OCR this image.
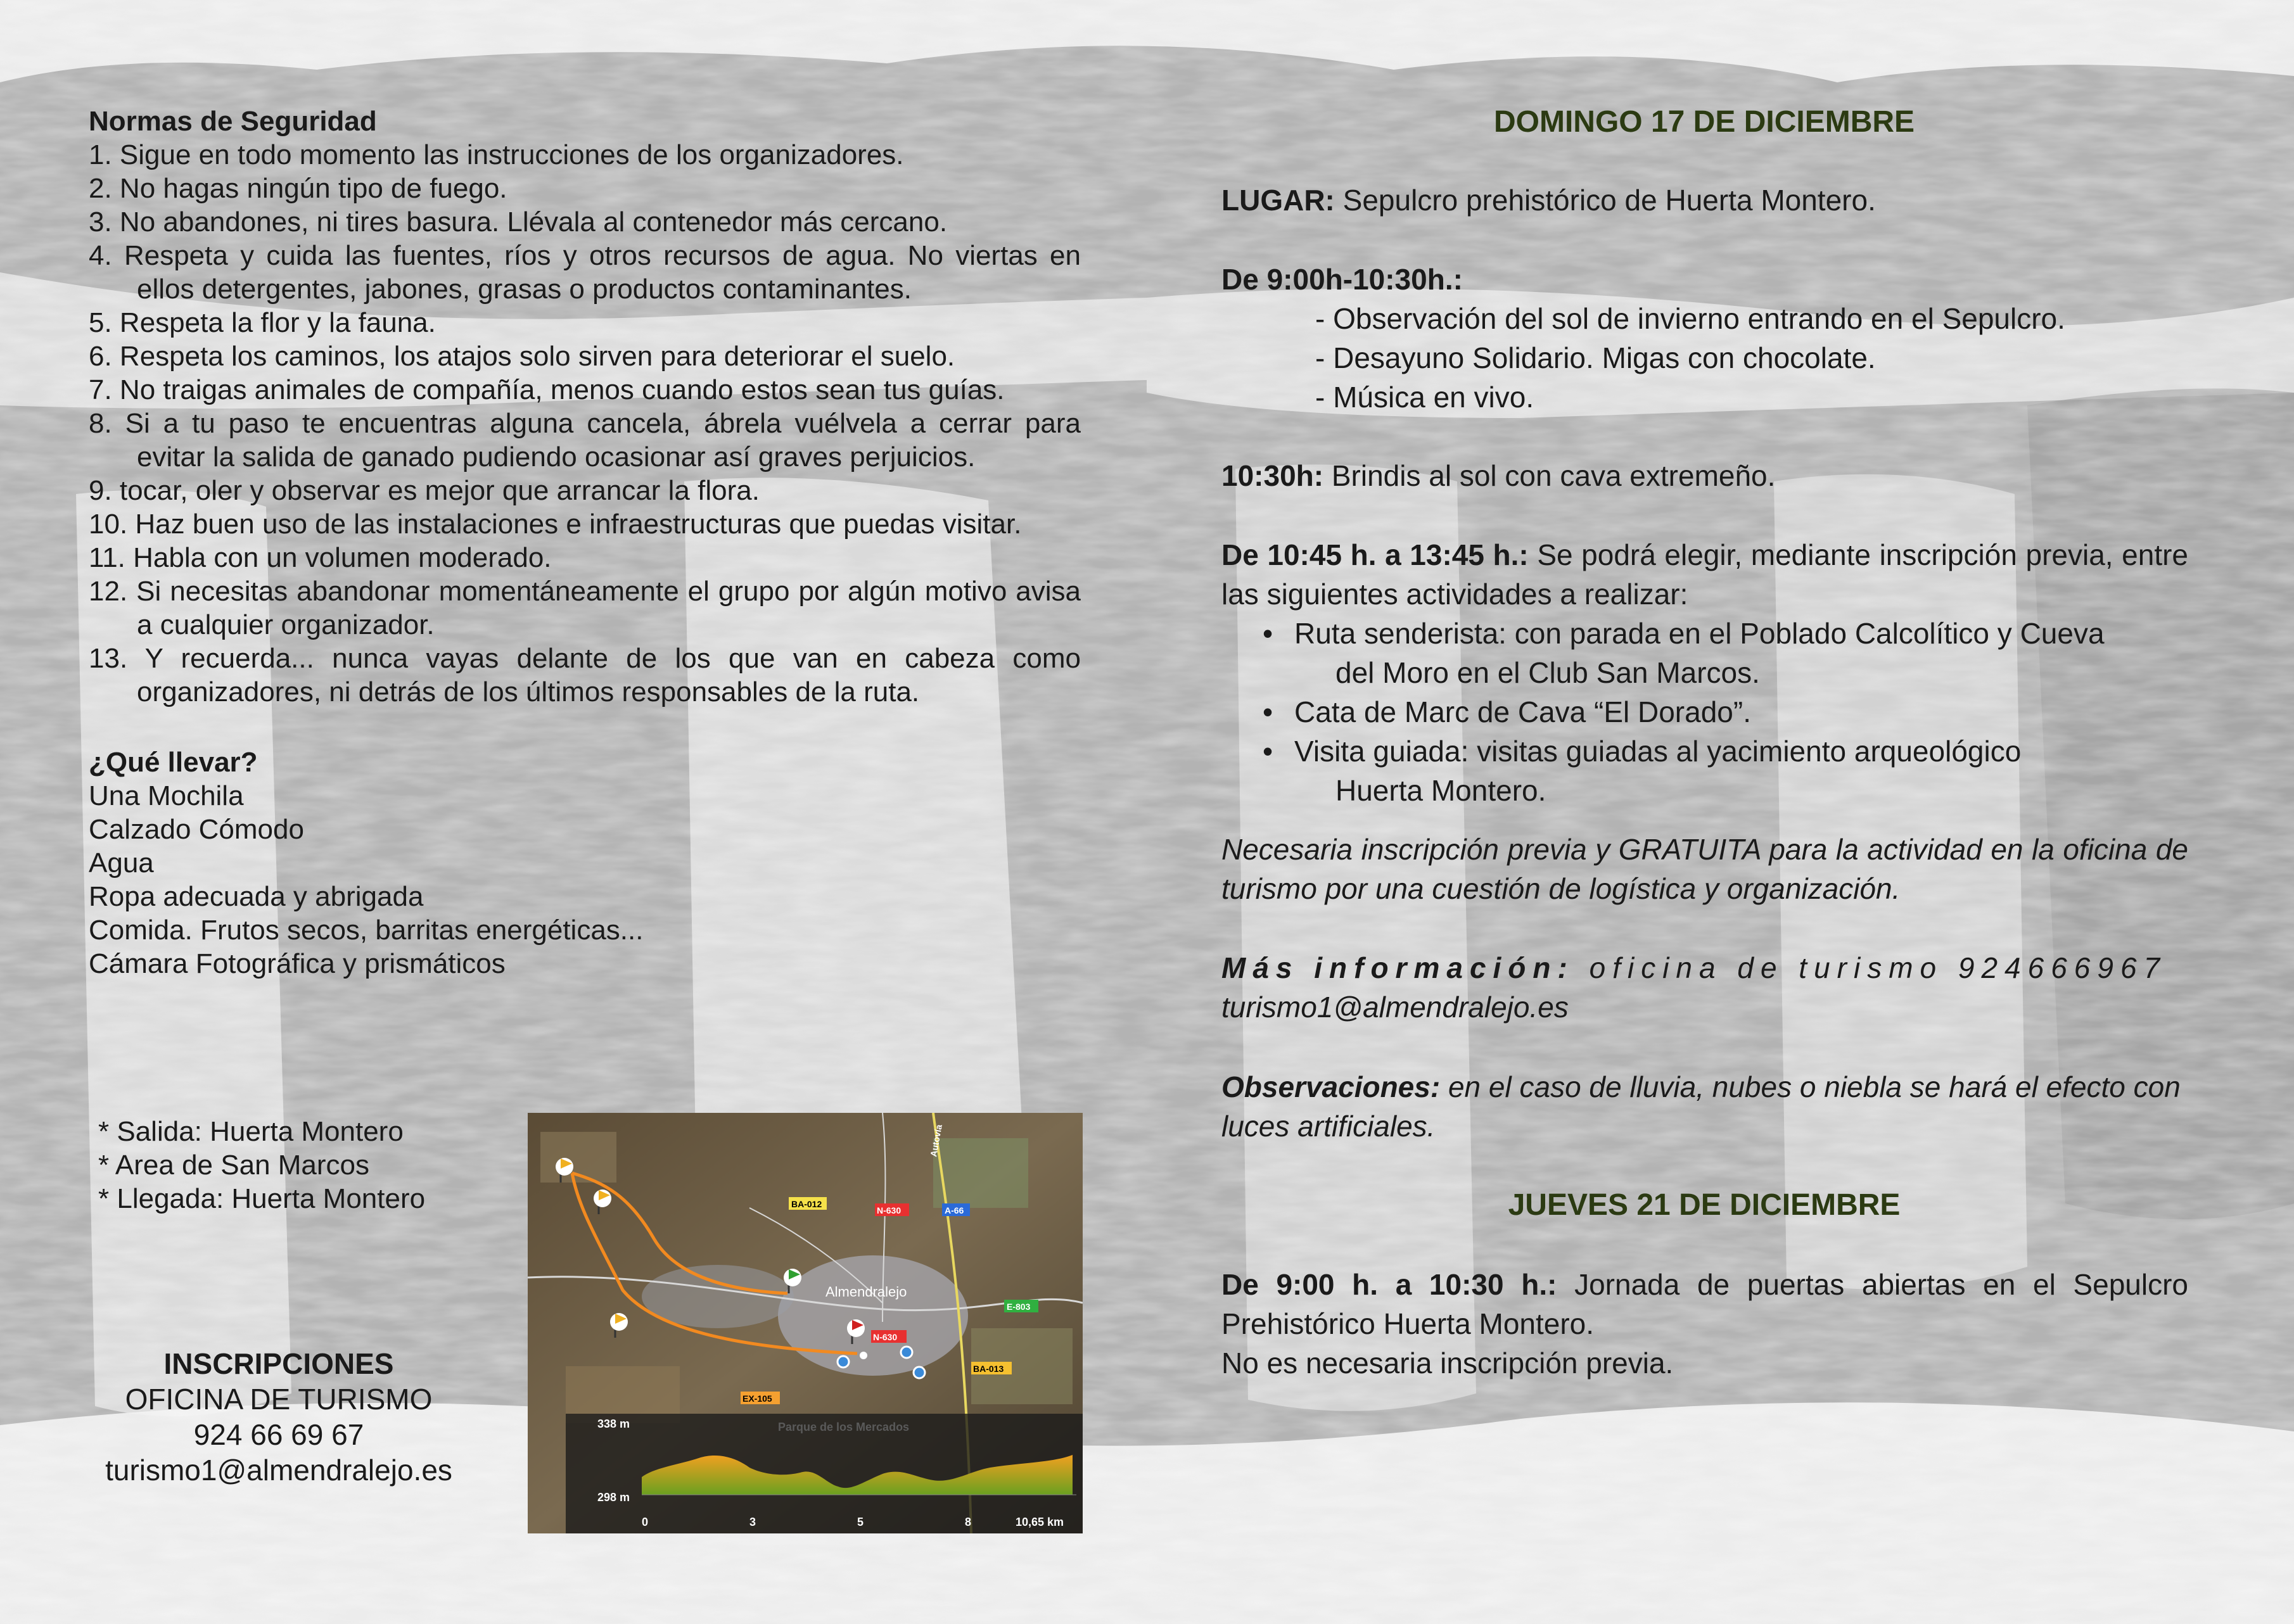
Normas de Seguridad
1. Sigue en todo momento las instrucciones de los organizadores.
2. No hagas ningún tipo de fuego.
3. No abandones, ni tires basura. Llévala al contenedor más cercano.
4. Respeta y cuida las fuentes, ríos y otros recursos de agua. No viertas en ellos detergentes, jabones, grasas o productos contaminantes.
5. Respeta la flor y la fauna.
6. Respeta los caminos, los atajos solo sirven para deteriorar el suelo.
7. No traigas animales de compañía, menos cuando estos sean tus guías.
8. Si a tu paso te encuentras alguna cancela, ábrela vuélvela a cerrar para evitar la salida de ganado pudiendo ocasionar así graves perjuicios.
9. tocar, oler y observar es mejor que arrancar la flora.
10. Haz buen uso de las instalaciones e infraestructuras que puedas visitar.
11. Habla con un volumen moderado.
12. Si necesitas abandonar momentáneamente el grupo por algún motivo avisa a cualquier organizador.
13. Y recuerda... nunca vayas delante de los que van en cabeza como organizadores, ni detrás de los últimos responsables de la ruta.
¿Qué llevar?
Una Mochila
Calzado Cómodo
Agua
Ropa adecuada y abrigada
Comida. Frutos secos, barritas energéticas...
Cámara Fotográfica y prismáticos
* Salida: Huerta Montero
* Area de San Marcos
* Llegada: Huerta Montero
INSCRIPCIONES
OFICINA DE TURISMO
924 66 69 67
turismo1@almendralejo.es
BA-012
N-630	A-66
E-803
N-630
BA-013
EX-105
Autovía
Almendralejo
338 m
298 m
0	3	5	8	10,65 km
Parque de los Mercados
DOMINGO 17 DE DICIEMBRE
LUGAR: Sepulcro prehistórico de Huerta Montero.
De 9:00h-10:30h.:
- Observación del sol de invierno entrando en el Sepulcro.
- Desayuno Solidario. Migas con chocolate.
- Música en vivo.
10:30h: Brindis al sol con cava extremeño.
De 10:45 h. a 13:45 h.: Se podrá elegir, mediante inscripción previa, entre las siguientes actividades a realizar:
• Ruta senderista: con parada en el Poblado Calcolítico y Cueva
del Moro en el Club San Marcos.
• Cata de Marc de Cava “El Dorado”.
• Visita guiada: visitas guiadas al yacimiento arqueológico
Huerta Montero.
Necesaria inscripción previa y GRATUITA para la actividad en la oficina de turismo por una cuestión de logística y organización.
Más información: oficina de turismo 924666967
turismo1@almendralejo.es
Observaciones: en el caso de lluvia, nubes o niebla se hará el efecto con luces artificiales.
JUEVES 21 DE DICIEMBRE
De 9:00 h. a 10:30 h.: Jornada de puertas abiertas en el Sepulcro Prehistórico Huerta Montero.
No es necesaria inscripción previa.
